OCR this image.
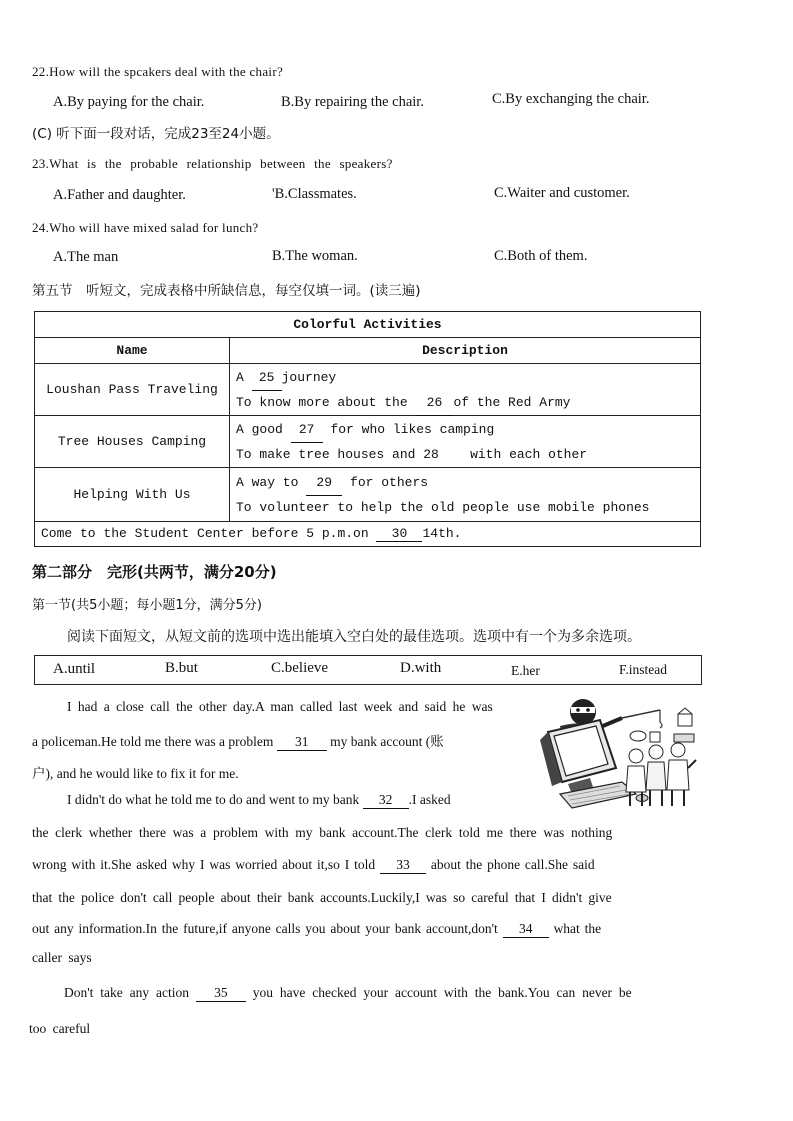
22.How will the spcakers deal with the chair?
A.By paying for the chair.	B.By repairing the chair.	C.By exchanging the chair.
(C) 听下面一段对话，完成23至24小题。
23.What is the probable relationship between the speakers?
A.Father and daughter.	'B.Classmates.	C.Waiter and customer.
24.Who will have mixed salad for lunch?
A.The man	B.The woman.	C.Both of them.
第五节　听短文，完成表格中所缺信息，每空仅填一词。(读三遍)
Colorful Activities	
Name	Description
Loushan Pass Traveling	A 25 journey
To know more about the 26 of the Red Army

Tree Houses Camping	A good 27 for who likes camping
To make tree houses and 28 with each other

Helping With Us	A way to 29 for others
To volunteer to help the old people use mobile phones

Come to the Student Center before 5 p.m.on 30 14th.	
第二部分　完形(共两节，满分20分)
第一节(共5小题；每小题1分，满分5分)
阅读下面短文，从短文前的选项中选出能填入空白处的最佳选项。选项中有一个为多余选项。
A.until	B.but	C.believe	D.with	E.her	F.instead
I had a close call the other day.A man called last week and said he was
a policeman.He told me there was a problem 31 my bank account (账
户), and he would like to fix it for me.
I didn't do what he told me to do and went to my bank 32 .I asked
the clerk whether there was a problem with my bank account.The clerk told me there was nothing
wrong with it.She asked why I was worried about it,so I told 33 about the phone call.She said
that the police don't call people about their bank accounts.Luckily,I was so careful that I didn't give
out any information.In the future,if anyone calls you about your bank account,don't 34 what the
caller says
Don't take any action 35 you have checked your account with the bank.You can never be
too careful
